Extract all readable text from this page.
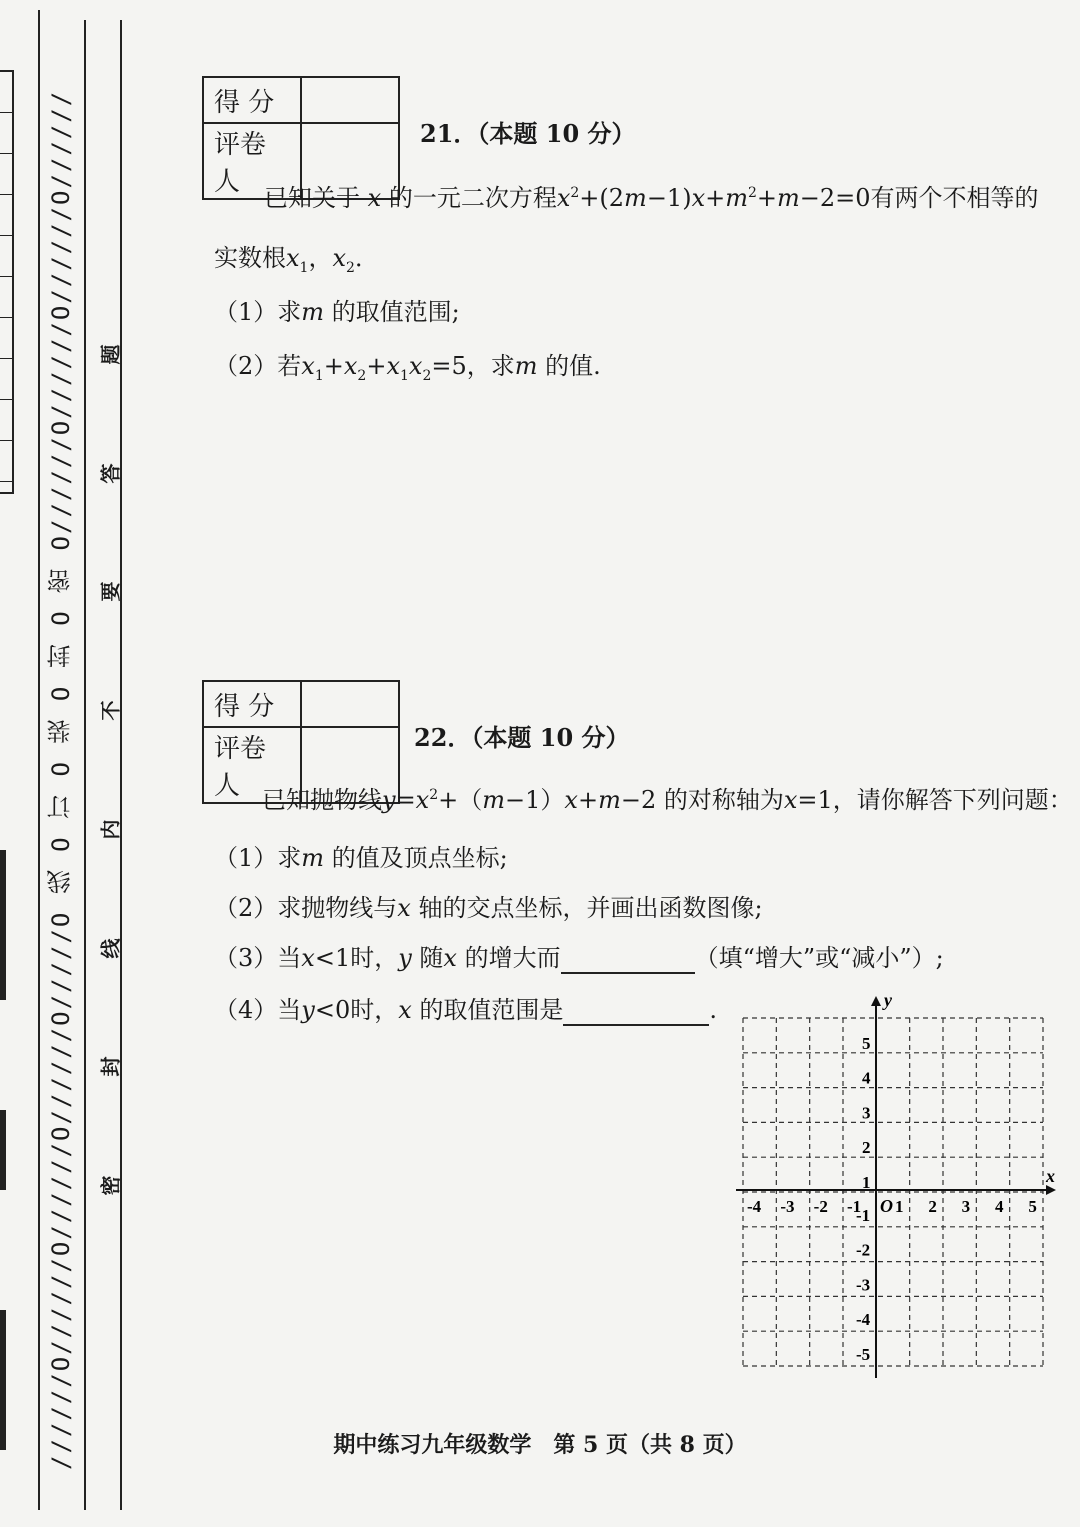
//////O//////O//////O//////O/////O 线 O 订 O 装 O 封 O 密 O//////O//////O//////O////// 题
答
要
不
内
线
封
密
得 分	
评卷人	
21．（本题 10 分）
已知关于 x 的一元二次方程$x^2+(2m-1)x+m^2+m-2=0$有两个不相等的
实数根$x_1$，$x_2$．
（1）求m 的取值范围;
（2）若$x_1+x_2+x_1x_2=5$，求m 的值.
得 分	
评卷人	
22．（本题 10 分）
已知抛物线$y=x^2+(m-1)x+m-2$ 的对称轴为x=1，请你解答下列问题：
（1）求m 的值及顶点坐标;
（2）求抛物线与x 轴的交点坐标，并画出函数图像;
（3）当x<1时，y 随x 的增大而	（填“增大”或“减小”）;
（4）当y<0时，x 的取值范围是	.
x
y
O
-4 -3 -2 -1 1 2 3 4 5
5
4
3
2
1
-1
-2
-3
-4
-5
期中练习九年级数学　第 5 页（共 8 页）
